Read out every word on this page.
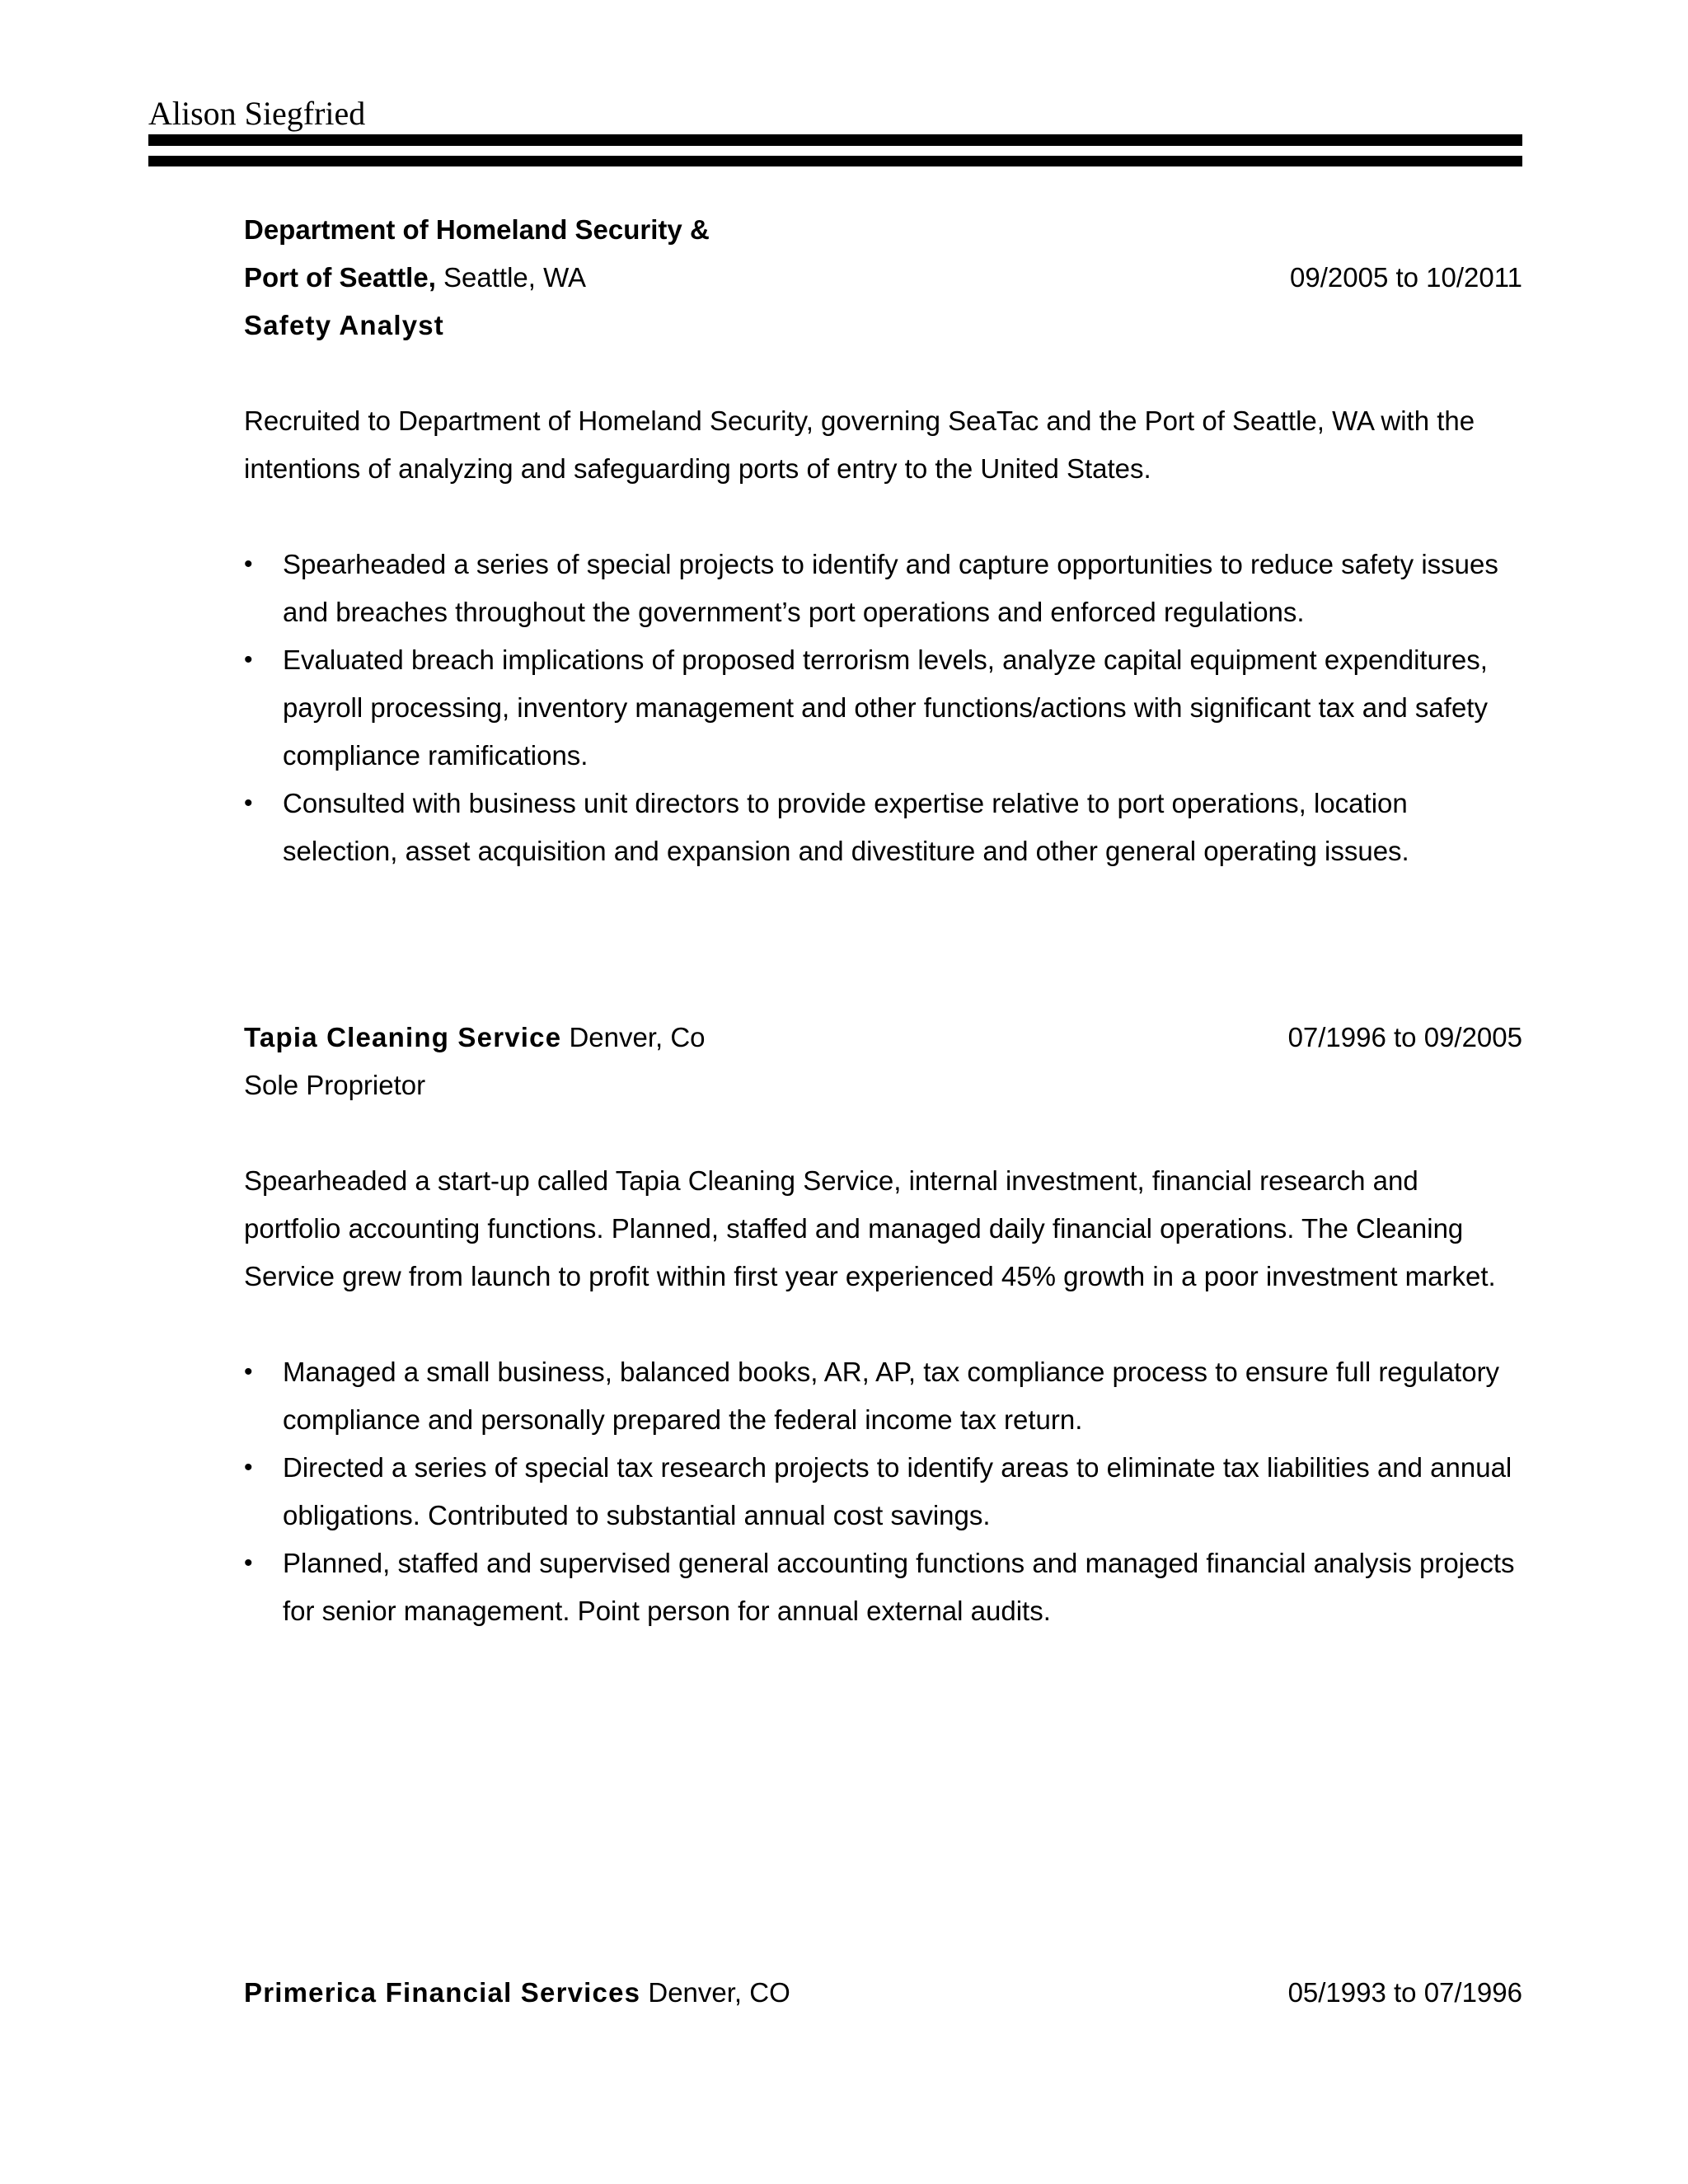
Alison Siegfried
Department of Homeland Security &
Port of Seattle, Seattle, WA	09/2005 to 10/2011
Safety Analyst
Recruited to Department of Homeland Security, governing SeaTac and the Port of Seattle, WA with the
intentions of analyzing and safeguarding ports of entry to the United States.
• Spearheaded a series of special projects to identify and capture opportunities to reduce safety issues
and breaches throughout the government’s port operations and enforced regulations.
• Evaluated breach implications of proposed terrorism levels, analyze capital equipment expenditures,
payroll processing, inventory management and other functions/actions with significant tax and safety
compliance ramifications.
• Consulted with business unit directors to provide expertise relative to port operations, location
selection, asset acquisition and expansion and divestiture and other general operating issues.
Tapia Cleaning Service Denver, Co	07/1996 to 09/2005
Sole Proprietor
Spearheaded a start-up called Tapia Cleaning Service, internal investment, financial research and
portfolio accounting functions. Planned, staffed and managed daily financial operations. The Cleaning
Service grew from launch to profit within first year experienced 45% growth in a poor investment market.
• Managed a small business, balanced books, AR, AP, tax compliance process to ensure full regulatory
compliance and personally prepared the federal income tax return.
• Directed a series of special tax research projects to identify areas to eliminate tax liabilities and annual
obligations. Contributed to substantial annual cost savings.
• Planned, staffed and supervised general accounting functions and managed financial analysis projects
for senior management. Point person for annual external audits.
Primerica Financial Services Denver, CO	05/1993 to 07/1996
